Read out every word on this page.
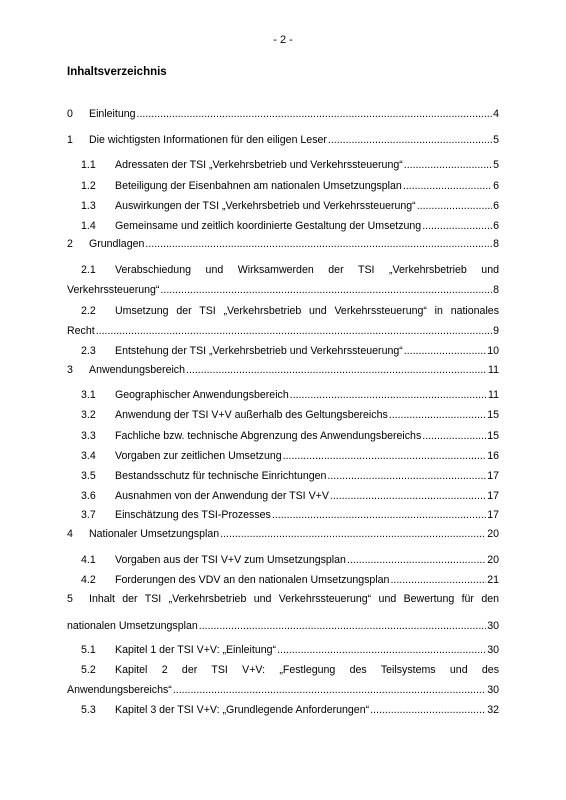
- 2 -
Inhaltsverzeichnis
0	Einleitung .....	4
1	Die wichtigsten Informationen für den eiligen Leser .....	5
1.1	Adressaten der TSI „Verkehrsbetrieb und Verkehrssteuerung“ .....	5
1.2	Beteiligung der Eisenbahnen am nationalen Umsetzungsplan .....	6
1.3	Auswirkungen der TSI „Verkehrsbetrieb und Verkehrssteuerung“ .....	6
1.4	Gemeinsame und zeitlich koordinierte Gestaltung der Umsetzung .....	6
2	Grundlagen .....	8
2.1	Verabschiedung und Wirksamwerden der TSI „Verkehrsbetrieb und
Verkehrssteuerung“ .....	8
2.2	Umsetzung der TSI „Verkehrsbetrieb und Verkehrssteuerung“ in nationales
Recht .....	9
2.3	Entstehung der TSI „Verkehrsbetrieb und Verkehrssteuerung“ .....	10
3	Anwendungsbereich .....	11
3.1	Geographischer Anwendungsbereich .....	11
3.2	Anwendung der TSI V+V außerhalb des Geltungsbereichs .....	15
3.3	Fachliche bzw. technische Abgrenzung des Anwendungsbereichs .....	15
3.4	Vorgaben zur zeitlichen Umsetzung .....	16
3.5	Bestandsschutz für technische Einrichtungen .....	17
3.6	Ausnahmen von der Anwendung der TSI V+V .....	17
3.7	Einschätzung des TSI-Prozesses .....	17
4	Nationaler Umsetzungsplan .....	20
4.1	Vorgaben aus der TSI V+V zum Umsetzungsplan .....	20
4.2	Forderungen des VDV an den nationalen Umsetzungsplan .....	21
5	Inhalt der TSI „Verkehrsbetrieb und Verkehrssteuerung“ und Bewertung für den
nationalen Umsetzungsplan .....	30
5.1	Kapitel 1 der TSI V+V: „Einleitung“ .....	30
5.2	Kapitel 2 der TSI V+V: „Festlegung des Teilsystems und des
Anwendungsbereichs“ .....	30
5.3	Kapitel 3 der TSI V+V: „Grundlegende Anforderungen“ .....	32
